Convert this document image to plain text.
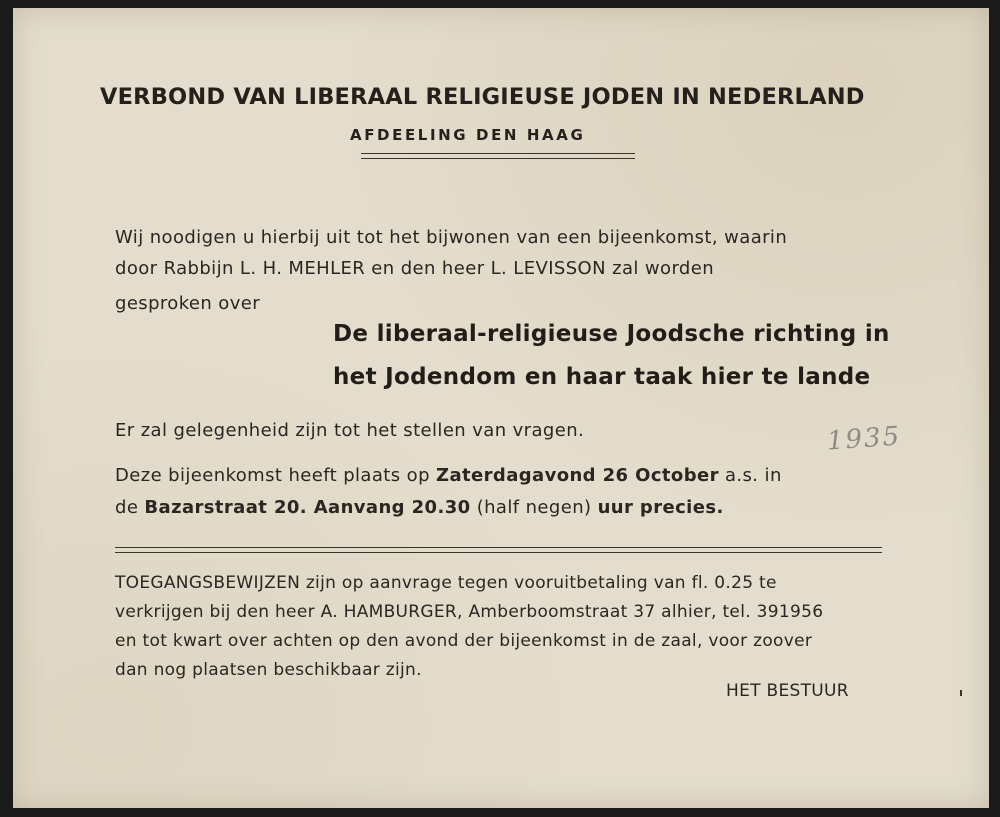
VERBOND VAN LIBERAAL RELIGIEUSE JODEN IN NEDERLAND
AFDEELING DEN HAAG
Wij noodigen u hierbij uit tot het bijwonen van een bijeenkomst, waarin
door Rabbijn L. H. MEHLER en den heer L. LEVISSON zal worden
gesproken over
De liberaal-religieuse Joodsche richting in
het Jodendom en haar taak hier te lande
Er zal gelegenheid zijn tot het stellen van vragen.	1935
Deze bijeenkomst heeft plaats op Zaterdagavond 26 October a.s. in
de Bazarstraat 20. Aanvang 20.30 (half negen) uur precies.
TOEGANGSBEWIJZEN zijn op aanvrage tegen vooruitbetaling van fl. 0.25 te
verkrijgen bij den heer A. HAMBURGER, Amberboomstraat 37 alhier, tel. 391956
en tot kwart over achten op den avond der bijeenkomst in de zaal, voor zoover
dan nog plaatsen beschikbaar zijn.
HET BESTUUR
